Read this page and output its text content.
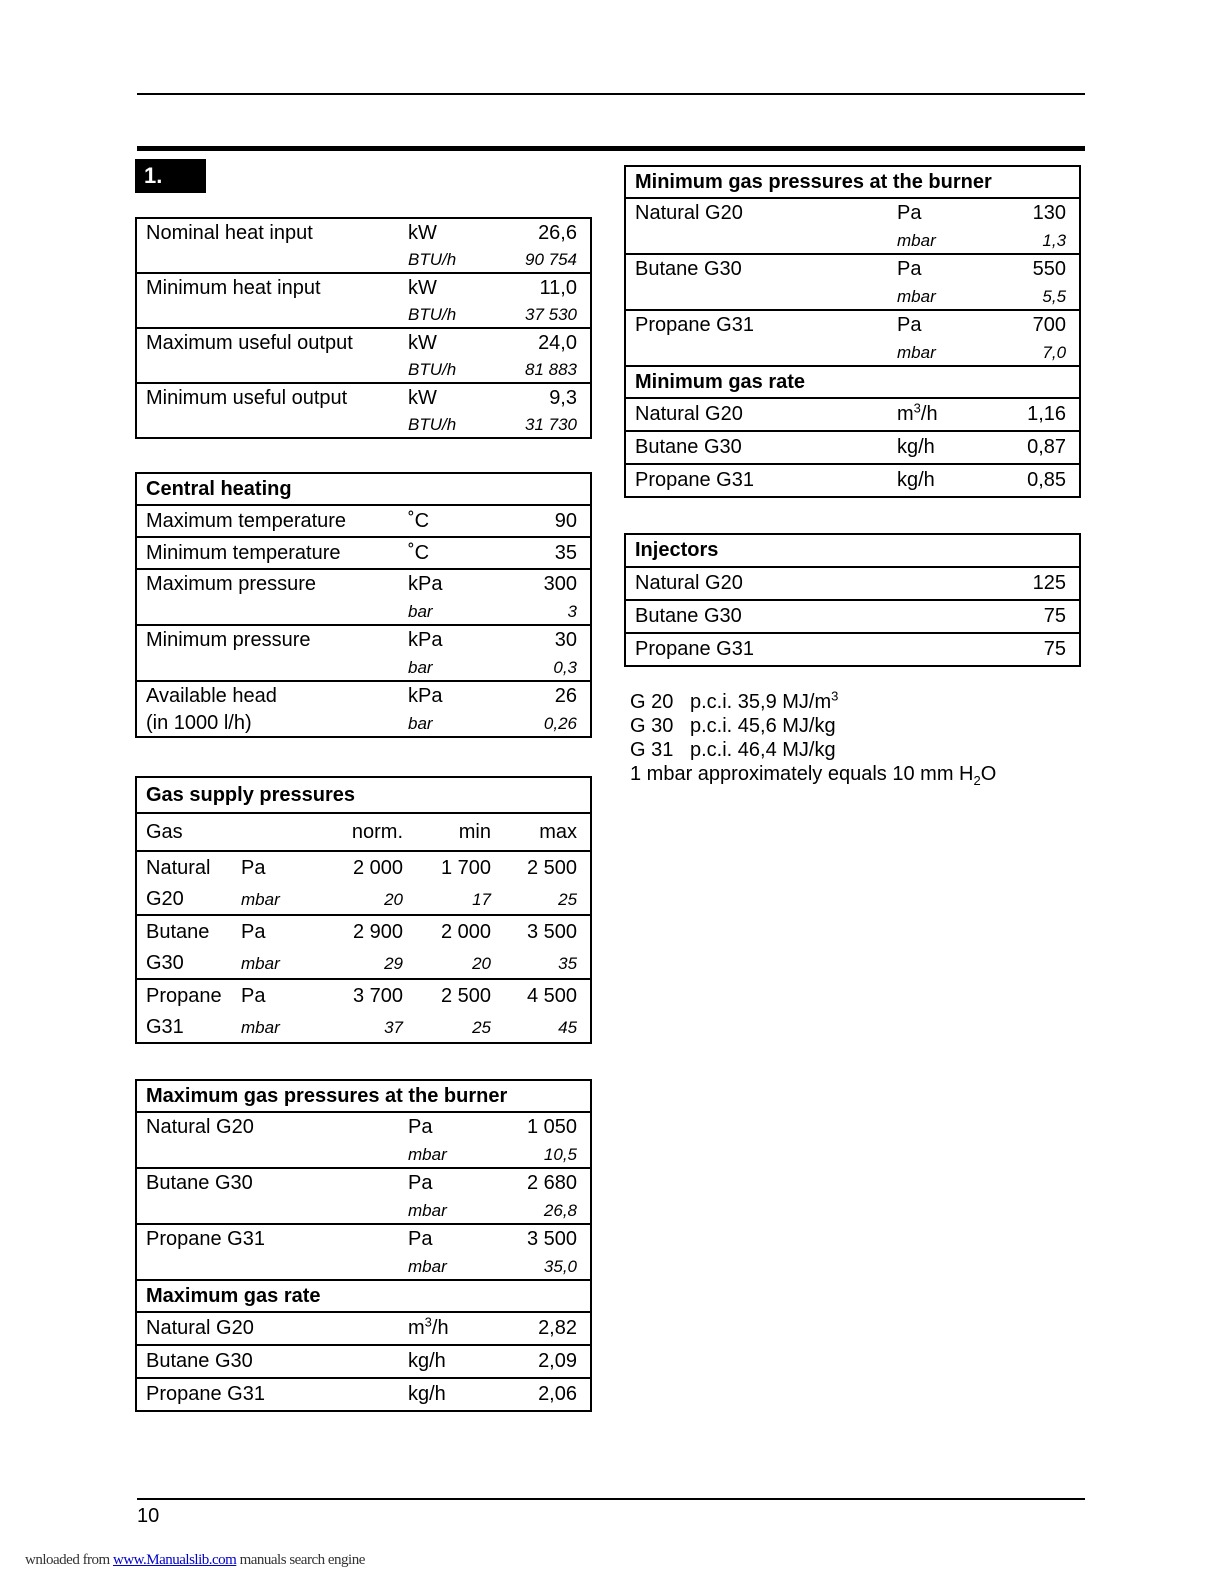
1.
Nominal heat input	kW	26,6
	BTU/h	90 754
Minimum heat input	kW	11,0
	BTU/h	37 530
Maximum useful output	kW	24,0
	BTU/h	81 883
Minimum useful output	kW	9,3
	BTU/h	31 730
Central heating		
Maximum temperature	˚C	90
Minimum temperature	˚C	35
Maximum pressure	kPa	300
	bar	3
Minimum pressure	kPa	30
	bar	0,3
Available head	kPa	26
(in 1000 l/h)	bar	0,26
Gas supply pressures				
Gas		norm.	min	max
Natural	Pa	2 000	1 700	2 500
G20	mbar	20	17	25
Butane	Pa	2 900	2 000	3 500
G30	mbar	29	20	35
Propane	Pa	3 700	2 500	4 500
G31	mbar	37	25	45
Maximum gas pressures at the burner		
Natural G20	Pa	1 050
	mbar	10,5
Butane G30	Pa	2 680
	mbar	26,8
Propane G31	Pa	3 500
	mbar	35,0
Maximum gas rate		
Natural G20	$m^3/h$	2,82
Butane G30	kg/h	2,09
Propane G31	kg/h	2,06
Minimum gas pressures at the burner		
Natural G20	Pa	130
	mbar	1,3
Butane G30	Pa	550
	mbar	5,5
Propane G31	Pa	700
	mbar	7,0
Minimum gas rate		
Natural G20	$m^3/h$	1,16
Butane G30	kg/h	0,87
Propane G31	kg/h	0,85
Injectors	
Natural G20	125
Butane G30	75
Propane G31	75
G 20 p.c.i. 35,9 $MJ/m^3$
G 30 p.c.i. 45,6 MJ/kg
G 31 p.c.i. 46,4 MJ/kg
1 mbar approximately equals 10 mm $H_2O$
10
wnloaded from www.Manualslib.com manuals search engine
